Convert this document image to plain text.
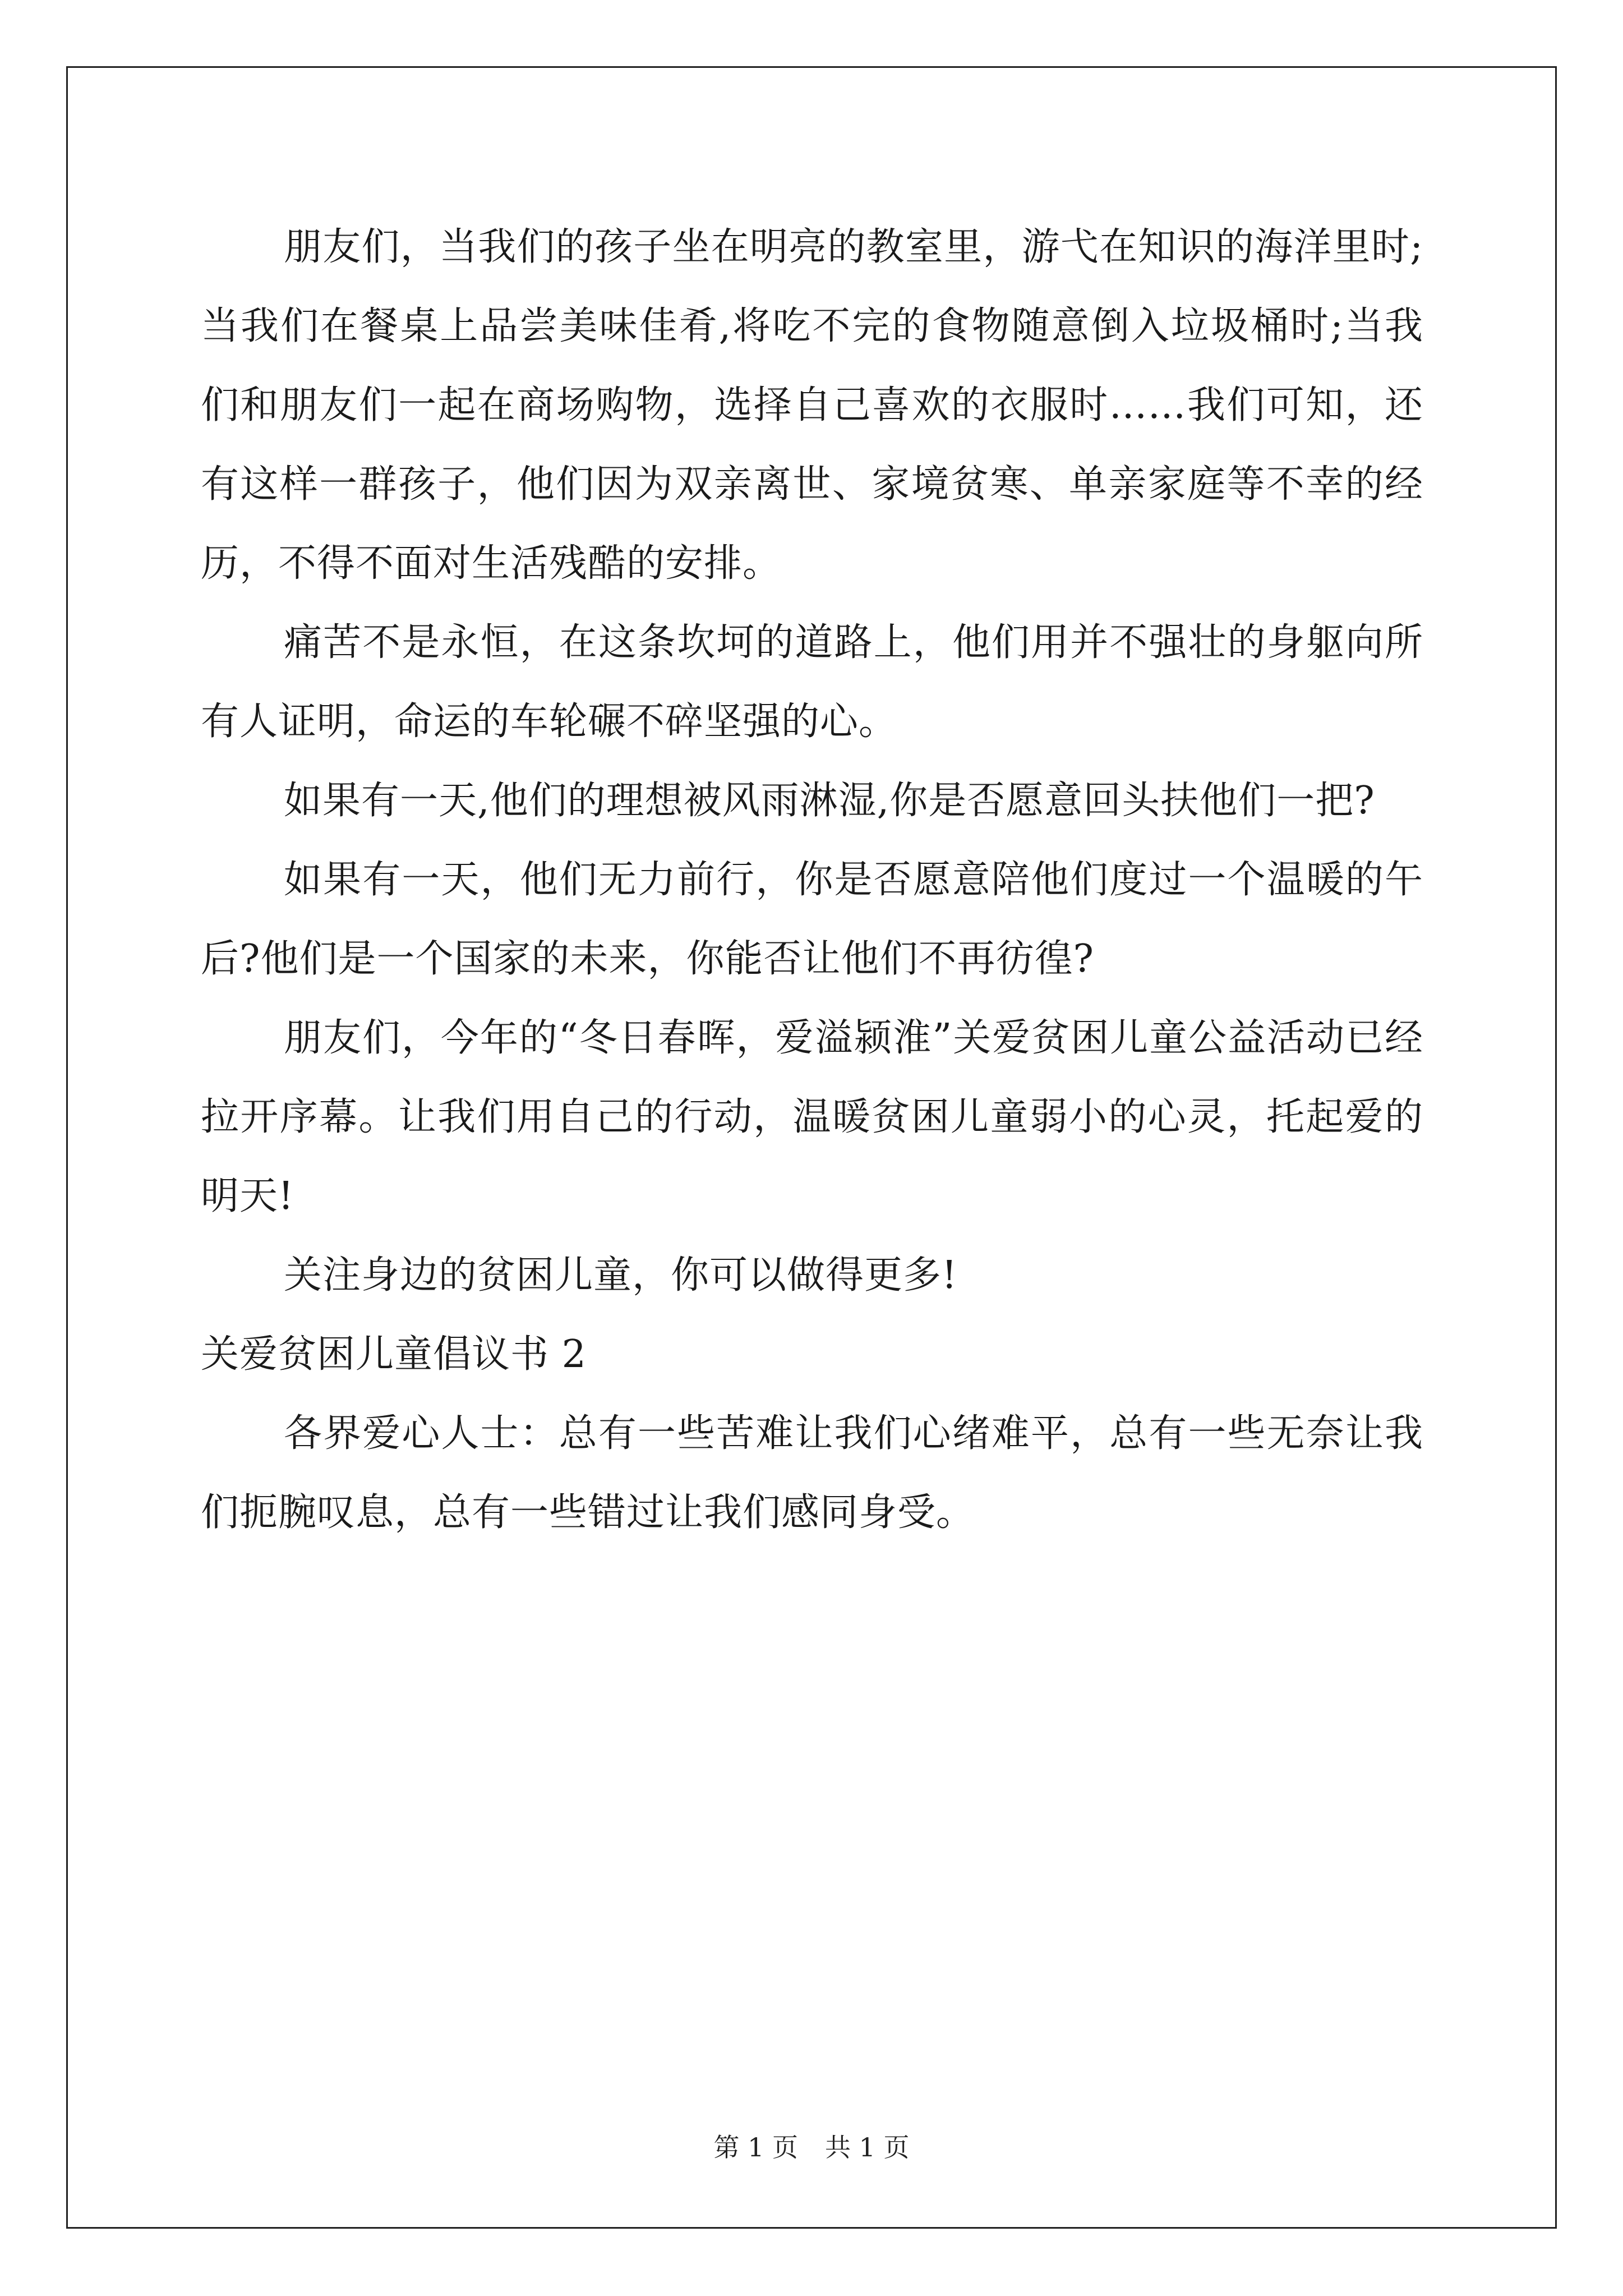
朋友们，当我们的孩子坐在明亮的教室里，游弋在知识的海洋里时;当我们在餐桌上品尝美味佳肴,将吃不完的食物随意倒入垃圾桶时;当我们和朋友们一起在商场购物，选择自己喜欢的衣服时……我们可知，还有这样一群孩子，他们因为双亲离世、家境贫寒、单亲家庭等不幸的经历，不得不面对生活残酷的安排。

痛苦不是永恒，在这条坎坷的道路上，他们用并不强壮的身躯向所有人证明，命运的车轮碾不碎坚强的心。

如果有一天,他们的理想被风雨淋湿,你是否愿意回头扶他们一把?

如果有一天，他们无力前行，你是否愿意陪他们度过一个温暖的午后?他们是一个国家的未来，你能否让他们不再彷徨?

朋友们，今年的“冬日春晖，爱溢颍淮”关爱贫困儿童公益活动已经拉开序幕。让我们用自己的行动，温暖贫困儿童弱小的心灵，托起爱的明天!

关注身边的贫困儿童，你可以做得更多!

关爱贫困儿童倡议书 2

各界爱心人士：总有一些苦难让我们心绪难平，总有一些无奈让我们扼腕叹息，总有一些错过让我们感同身受。

第 1 页 共 1 页
